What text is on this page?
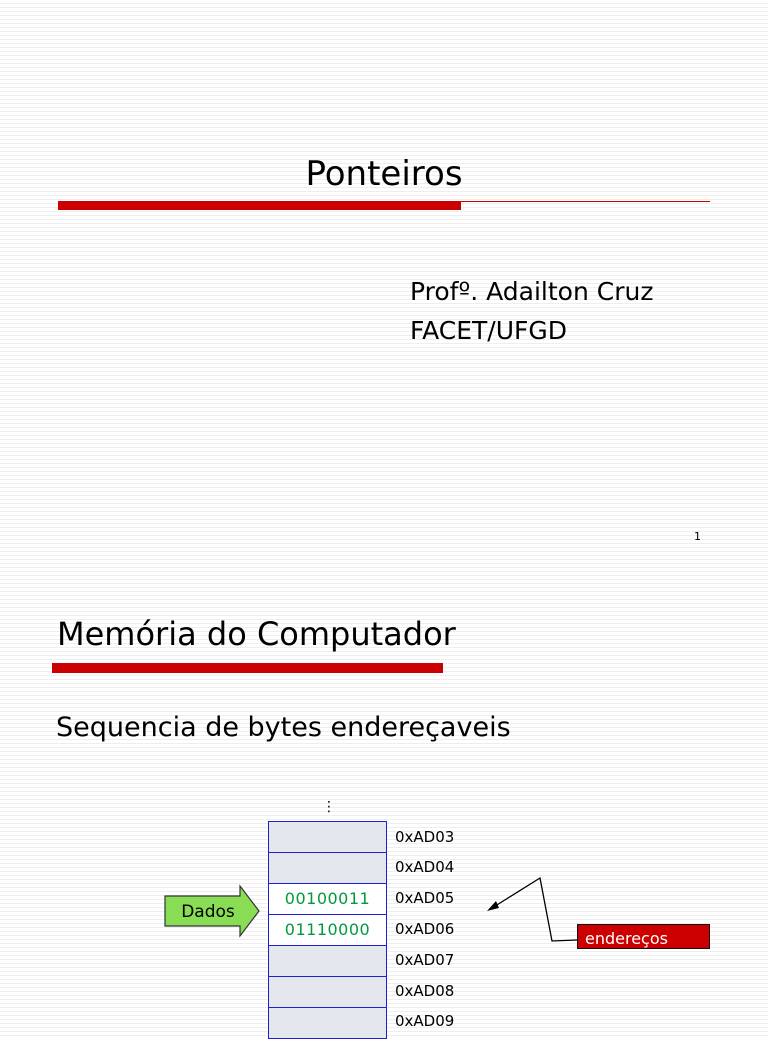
Ponteiros
Profº. Adailton Cruz
FACET/UFGD
1
Memória do Computador
Sequencia de bytes endereçaveis
⋮
00100011
01110000
0xAD03
0xAD04
0xAD05
0xAD06
0xAD07
0xAD08
0xAD09
Dados
endereços
